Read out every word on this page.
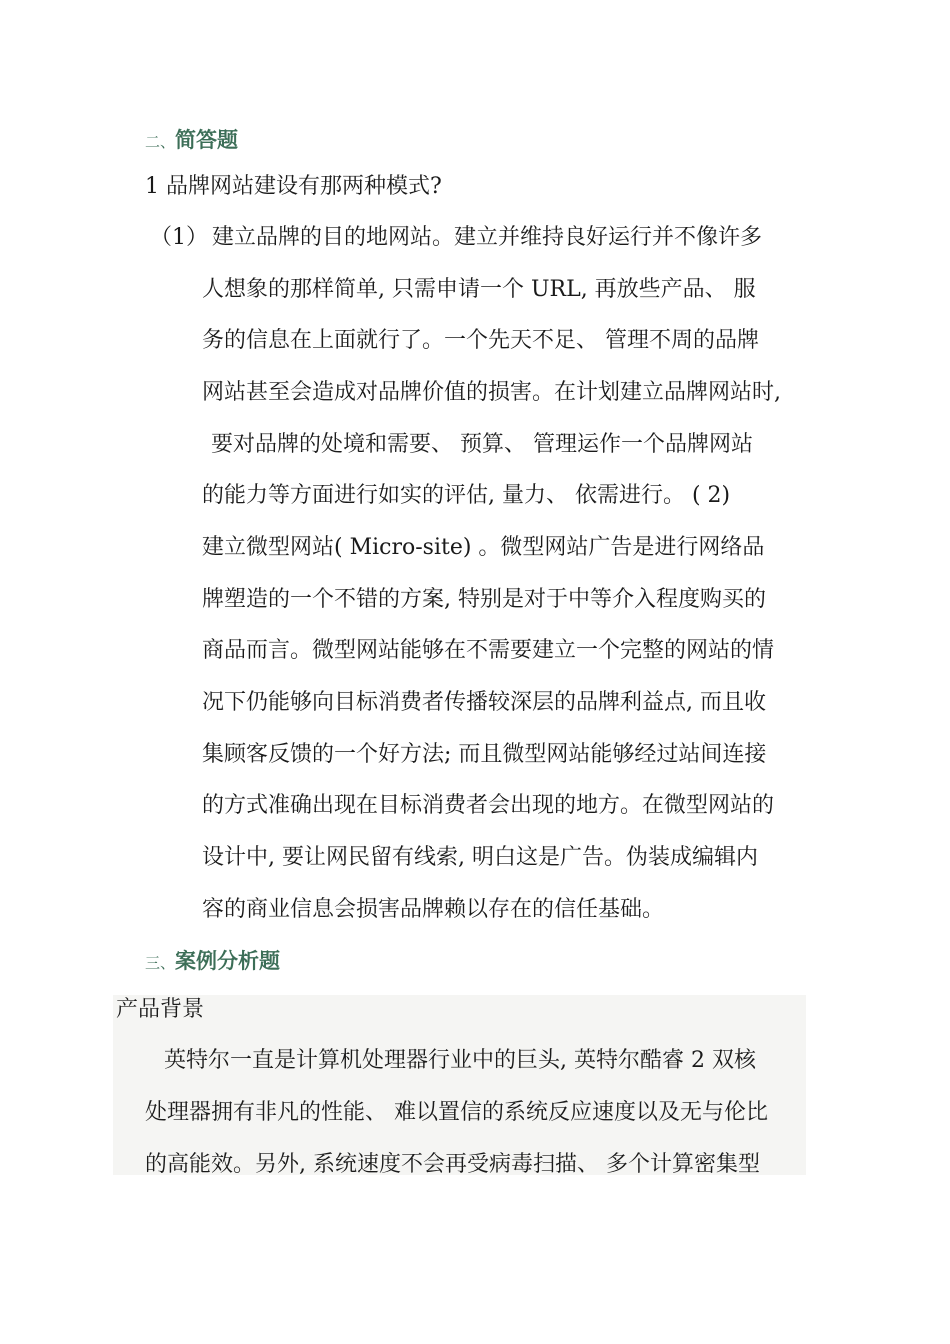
二、简答题
1 品牌网站建设有那两种模式?
（1） 建立品牌的目的地网站。建立并维持良好运行并不像许多
人想象的那样简单, 只需申请一个 URL, 再放些产品、 服
务的信息在上面就行了。一个先天不足、 管理不周的品牌
网站甚至会造成对品牌价值的损害。在计划建立品牌网站时,
要对品牌的处境和需要、 预算、 管理运作一个品牌网站
的能力等方面进行如实的评估, 量力、 依需进行。 ( 2)
建立微型网站( Micro-site) 。微型网站广告是进行网络品
牌塑造的一个不错的方案, 特别是对于中等介入程度购买的
商品而言。微型网站能够在不需要建立一个完整的网站的情
况下仍能够向目标消费者传播较深层的品牌利益点, 而且收
集顾客反馈的一个好方法; 而且微型网站能够经过站间连接
的方式准确出现在目标消费者会出现的地方。在微型网站的
设计中, 要让网民留有线索, 明白这是广告。伪装成编辑内
容的商业信息会损害品牌赖以存在的信任基础。
三、案例分析题
产品背景
英特尔一直是计算机处理器行业中的巨头, 英特尔酷睿 2 双核
处理器拥有非凡的性能、 难以置信的系统反应速度以及无与伦比
的高能效。另外, 系统速度不会再受病毒扫描、 多个计算密集型
